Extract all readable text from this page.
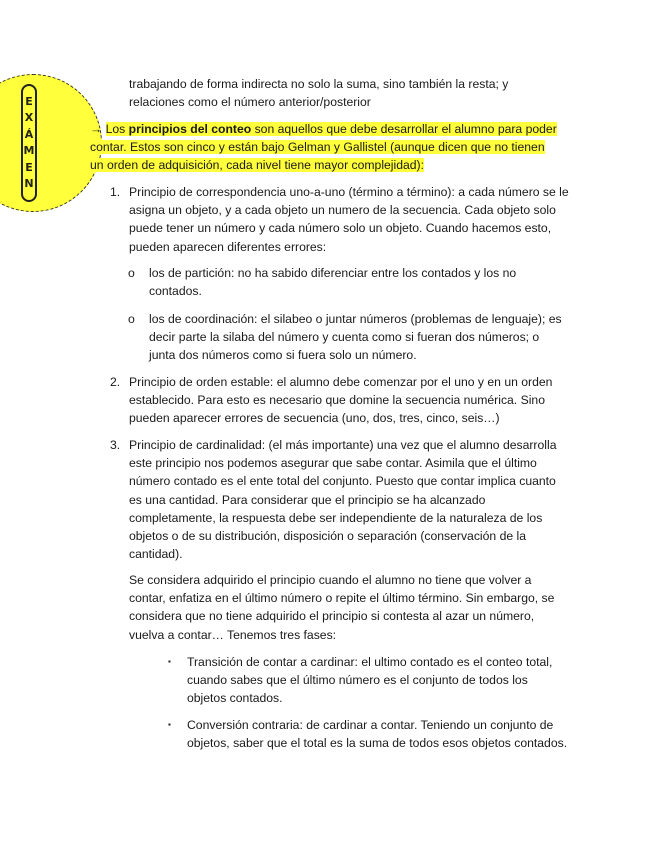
E
X
Á
M
E
N

trabajando de forma indirecta no solo la suma, sino también la resta; y relaciones como el número anterior/posterior

→ Los principios del conteo son aquellos que debe desarrollar el alumno para poder
contar. Estos son cinco y están bajo Gelman y Gallistel (aunque dicen que no tienen
un orden de adquisición, cada nivel tiene mayor complejidad):
1. Principio de correspondencia uno-a-uno (término a término): a cada número se le asigna un objeto, y a cada objeto un numero de la secuencia. Cada objeto solo puede tener un número y cada número solo un objeto. Cuando hacemos esto, pueden aparecen diferentes errores:

o los de partición: no ha sabido diferenciar entre los contados y los no contados.

o los de coordinación: el silabeo o juntar números (problemas de lenguaje); es decir parte la silaba del número y cuenta como si fueran dos números; o junta dos números como si fuera solo un número.

2. Principio de orden estable: el alumno debe comenzar por el uno y en un orden establecido. Para esto es necesario que domine la secuencia numérica. Sino pueden aparecer errores de secuencia (uno, dos, tres, cinco, seis…)

3. Principio de cardinalidad: (el más importante) una vez que el alumno desarrolla este principio nos podemos asegurar que sabe contar. Asimila que el último número contado es el ente total del conjunto. Puesto que contar implica cuanto es una cantidad. Para considerar que el principio se ha alcanzado completamente, la respuesta debe ser independiente de la naturaleza de los objetos o de su distribución, disposición o separación (conservación de la cantidad).

Se considera adquirido el principio cuando el alumno no tiene que volver a contar, enfatiza en el último número o repite el último término. Sin embargo, se considera que no tiene adquirido el principio si contesta al azar un número, vuelva a contar… Tenemos tres fases:

▪ Transición de contar a cardinar: el ultimo contado es el conteo total, cuando sabes que el último número es el conjunto de todos los objetos contados.

▪ Conversión contraria: de cardinar a contar. Teniendo un conjunto de objetos, saber que el total es la suma de todos esos objetos contados.
